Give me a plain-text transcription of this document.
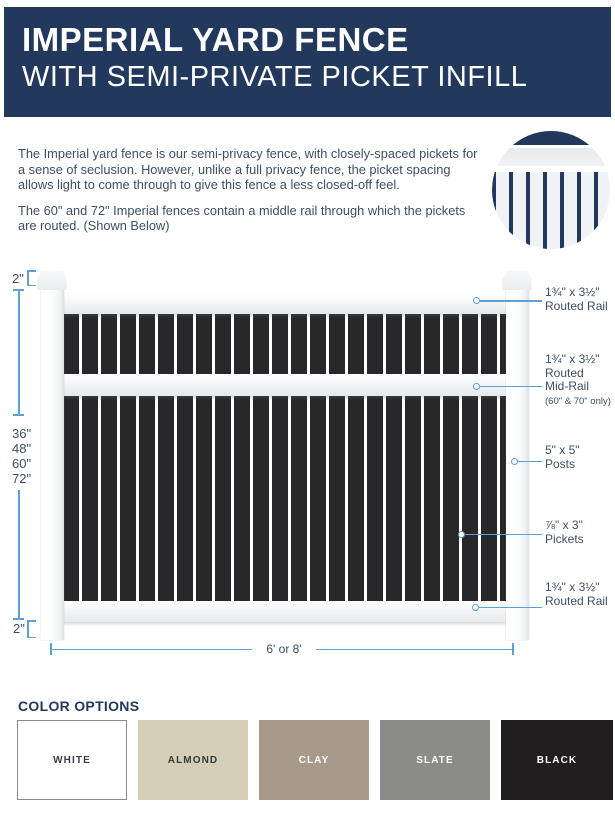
IMPERIAL YARD FENCE
WITH SEMI-PRIVATE PICKET INFILL

The Imperial yard fence is our semi-privacy fence, with closely-spaced pickets for a sense of seclusion. However, unlike a full privacy fence, the picket spacing allows light to come through to give this fence a less closed-off feel.

The 60" and 72" Imperial fences contain a middle rail through which the pickets are routed. (Shown Below)

2"
36"
48"
60"
72"
2"
6' or 8'
1¾" x 3½"
Routed Rail
1¾" x 3½"
Routed
Mid-Rail
(60" & 70" only)
5" x 5"
Posts
⅞" x 3"
Pickets
1¾" x 3½"
Routed Rail
COLOR OPTIONS
WHITE	ALMOND	CLAY	SLATE	BLACK
